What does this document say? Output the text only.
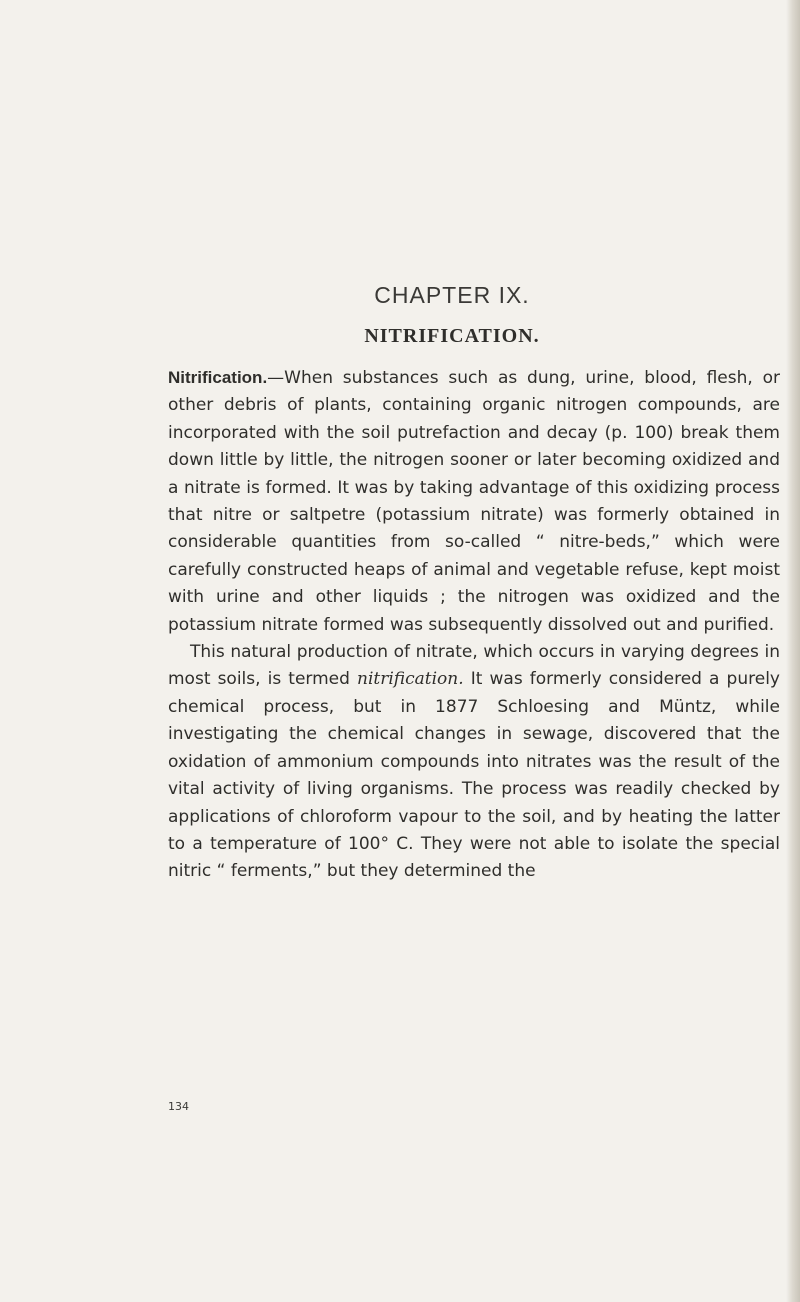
CHAPTER IX.
NITRIFICATION.

Nitrification.—When substances such as dung, urine, blood, flesh, or other debris of plants, containing organic nitrogen compounds, are incorporated with the soil putrefaction and decay (p. 100) break them down little by little, the nitrogen sooner or later becoming oxidized and a nitrate is formed. It was by taking advantage of this oxidizing process that nitre or saltpetre (potassium nitrate) was formerly obtained in considerable quantities from so-called “ nitre-beds,” which were carefully constructed heaps of animal and vegetable refuse, kept moist with urine and other liquids ; the nitrogen was oxidized and the potassium nitrate formed was subsequently dissolved out and purified.

This natural production of nitrate, which occurs in varying degrees in most soils, is termed nitrification. It was formerly considered a purely chemical process, but in 1877 Schloesing and Müntz, while investigating the chemical changes in sewage, discovered that the oxidation of ammonium compounds into nitrates was the result of the vital activity of living organisms. The process was readily checked by applications of chloroform vapour to the soil, and by heating the latter to a temperature of 100° C. They were not able to isolate the special nitric “ ferments,” but they determined the

134
